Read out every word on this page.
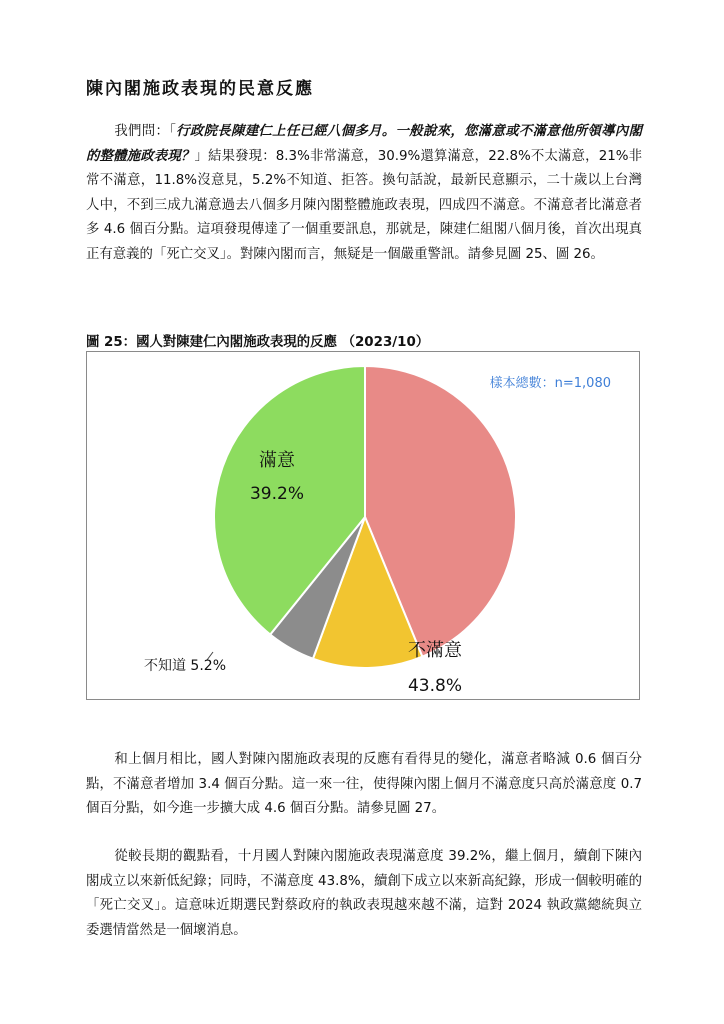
陳內閣施政表現的民意反應

我們問：「行政院長陳建仁上任已經八個多月。一般說來，您滿意或不滿意他所領導內閣的整體施政表現？」結果發現：8.3%非常滿意，30.9%還算滿意，22.8%不太滿意，21%非常不滿意，11.8%沒意見，5.2%不知道、拒答。換句話說，最新民意顯示，二十歲以上台灣人中，不到三成九滿意過去八個多月陳內閣整體施政表現，四成四不滿意。不滿意者比滿意者多 4.6 個百分點。這項發現傳達了一個重要訊息，那就是，陳建仁組閣八個月後，首次出現真正有意義的「死亡交叉」。對陳內閣而言，無疑是一個嚴重警訊。請參見圖 25、圖 26。

圖 25：國人對陳建仁內閣施政表現的反應 （2023/10）
不滿意
43.8%
不知道 5.2%
滿意
39.2%
樣本總數：n=1,080

和上個月相比，國人對陳內閣施政表現的反應有看得見的變化，滿意者略減 0.6 個百分點，不滿意者增加 3.4 個百分點。這一來一往，使得陳內閣上個月不滿意度只高於滿意度 0.7 個百分點，如今進一步擴大成 4.6 個百分點。請參見圖 27。

從較長期的觀點看，十月國人對陳內閣施政表現滿意度 39.2%，繼上個月，續創下陳內閣成立以來新低紀錄；同時，不滿意度 43.8%，續創下成立以來新高紀錄，形成一個較明確的「死亡交叉」。這意味近期選民對蔡政府的執政表現越來越不滿，這對 2024 執政黨總統與立委選情當然是一個壞消息。
